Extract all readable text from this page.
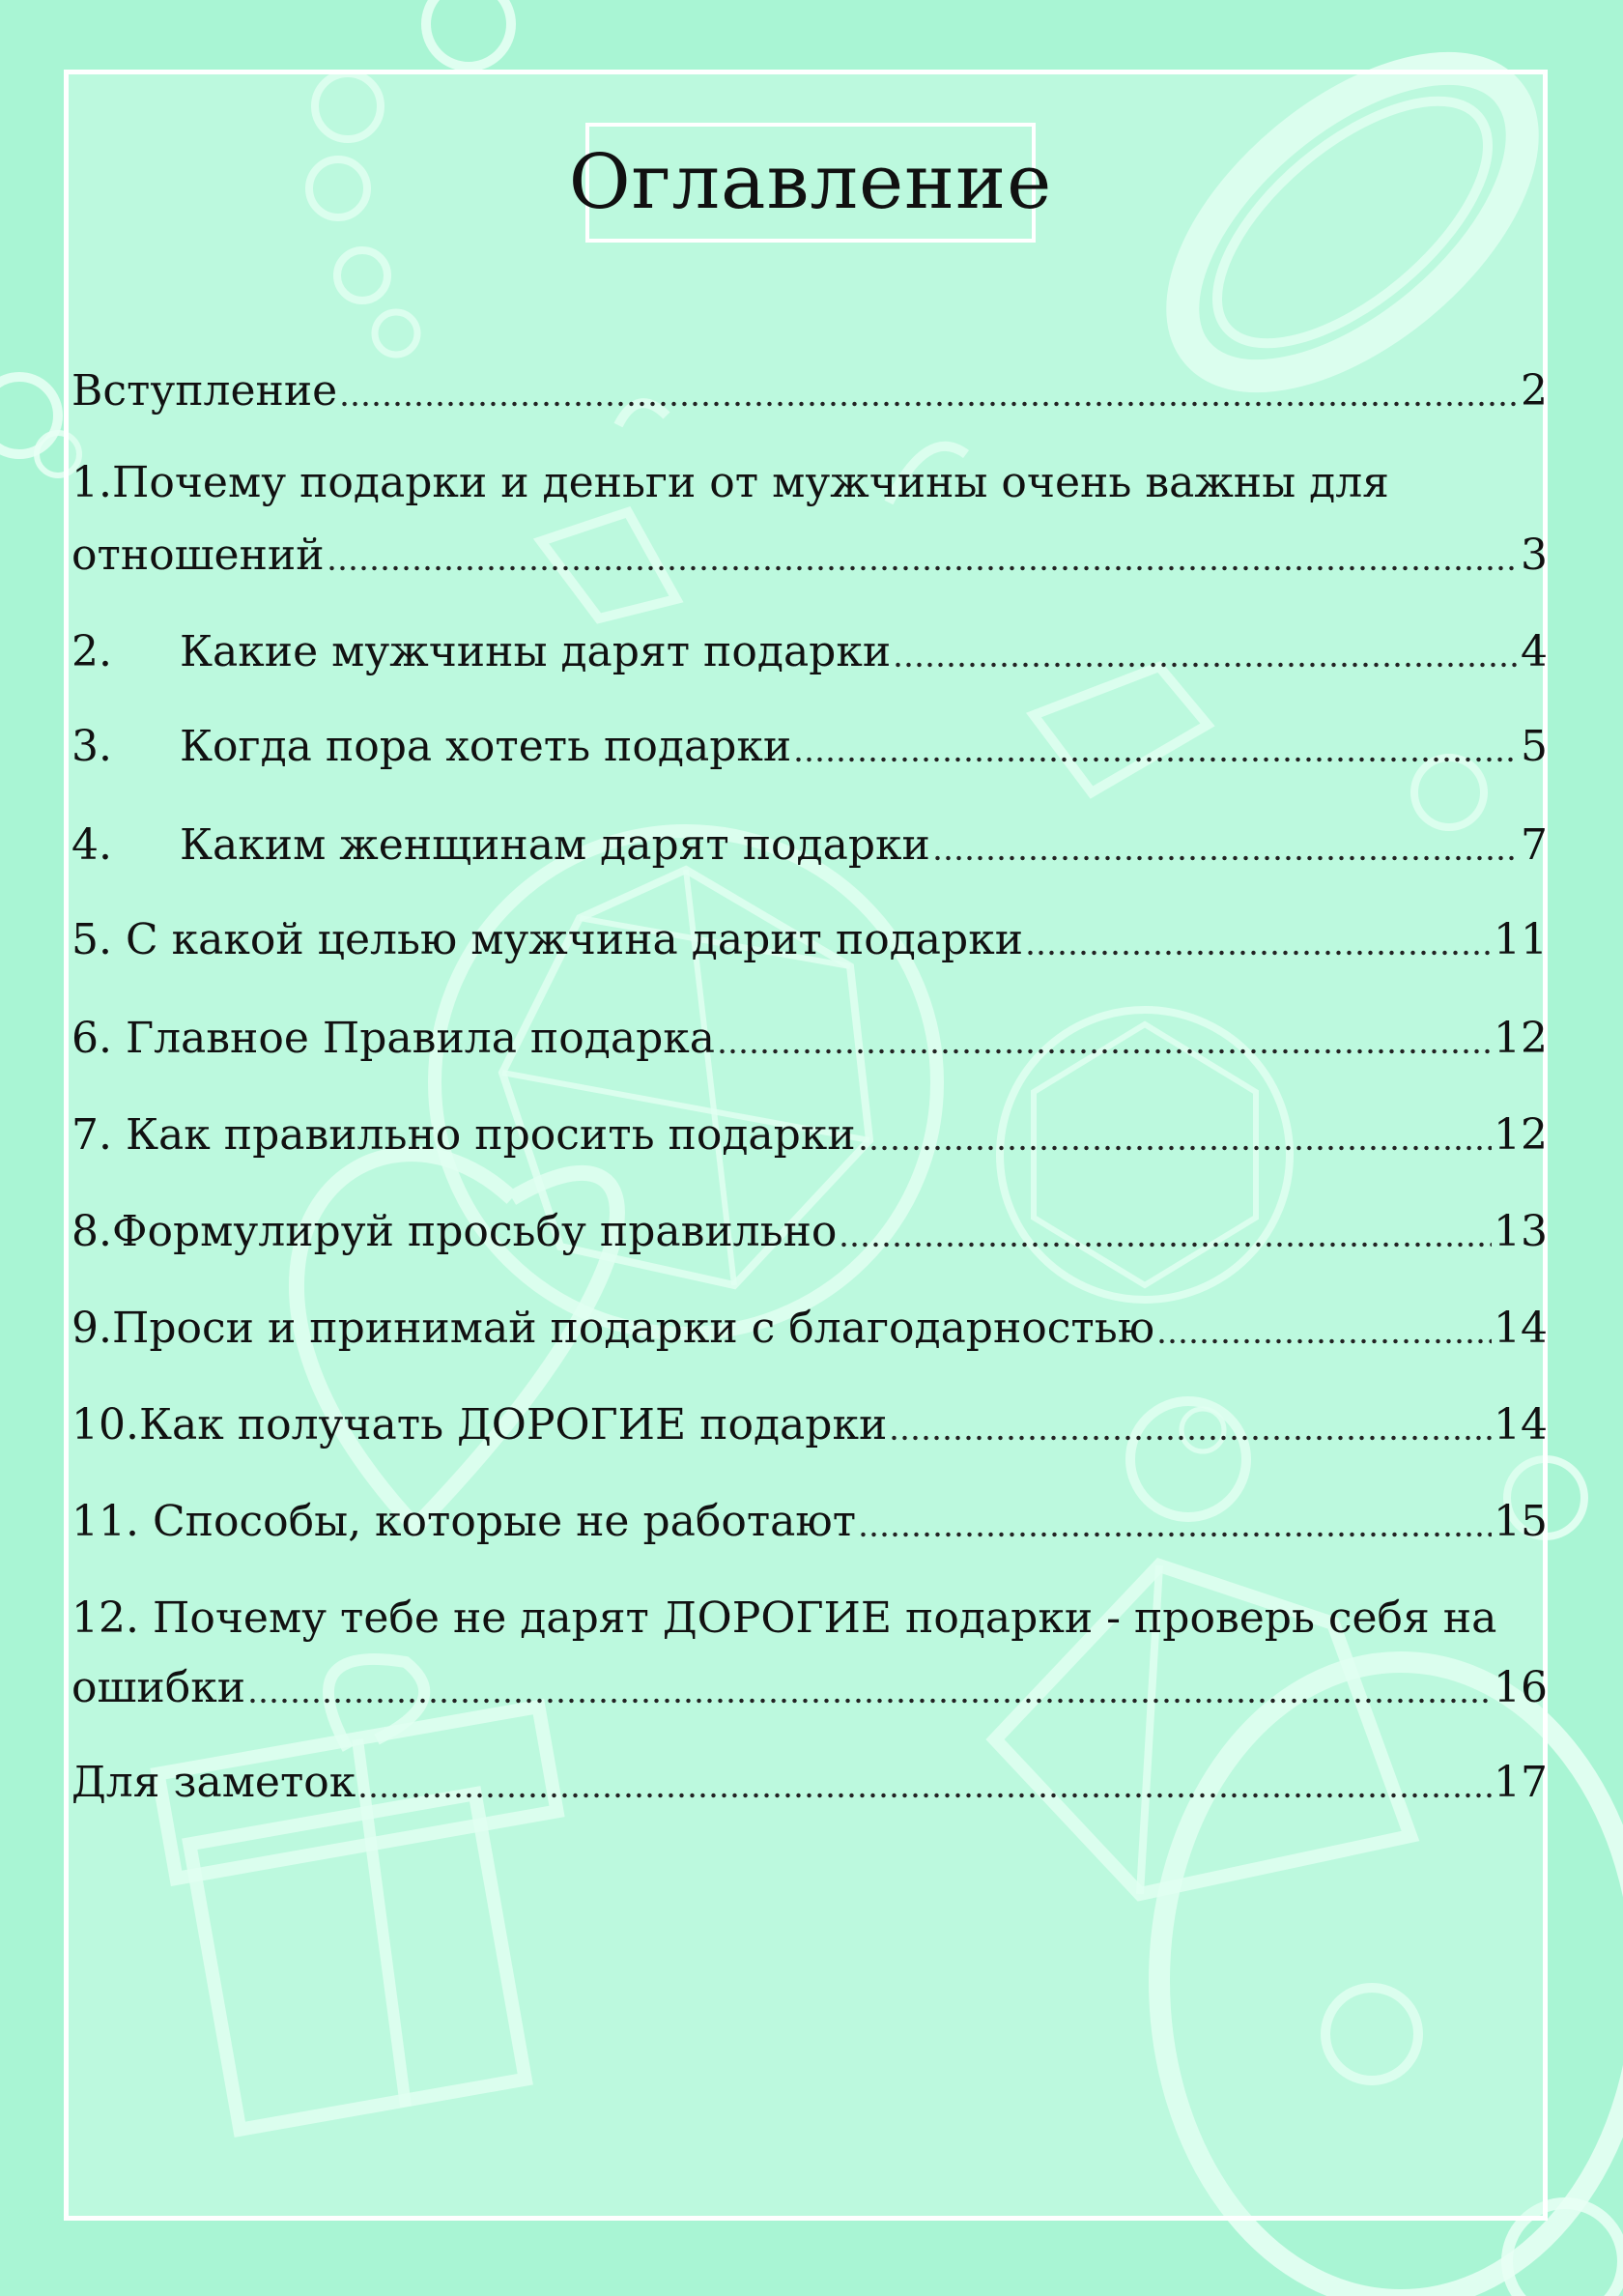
Оглавление
Вступление	2
1.Почему подарки и деньги от мужчины очень важны для
отношений	3
2. Какие мужчины дарят подарки	4
3. Когда пора хотеть подарки	5
4. Каким женщинам дарят подарки	7
5. С какой целью мужчина дарит подарки	11
6. Главное Правила подарка	12
7. Как правильно просить подарки	12
8.Формулируй просьбу правильно	13
9.Проси и принимай подарки с благодарностью	14
10.Как получать ДОРОГИЕ подарки	14
11. Способы, которые не работают	15
12. Почему тебе не дарят ДОРОГИЕ подарки - проверь себя на
ошибки	16
Для заметок	17
